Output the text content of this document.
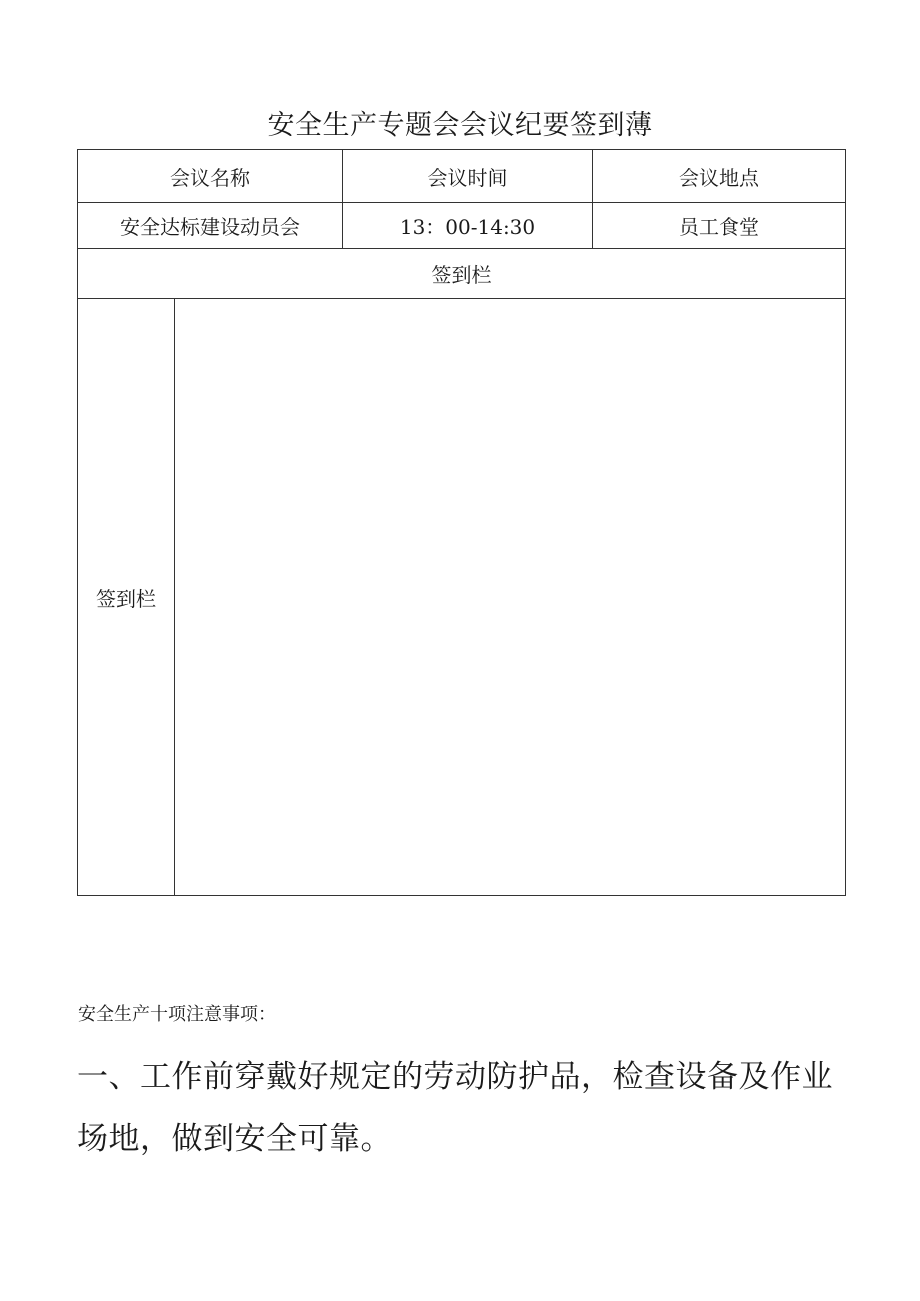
安全生产专题会会议纪要签到薄
会议名称		会议时间	会议地点
安全达标建设动员会		13：00-14:30	员工食堂
签到栏			
签到栏			

安全生产十项注意事项：

一、工作前穿戴好规定的劳动防护品，检查设备及作业场地，做到安全可靠。
